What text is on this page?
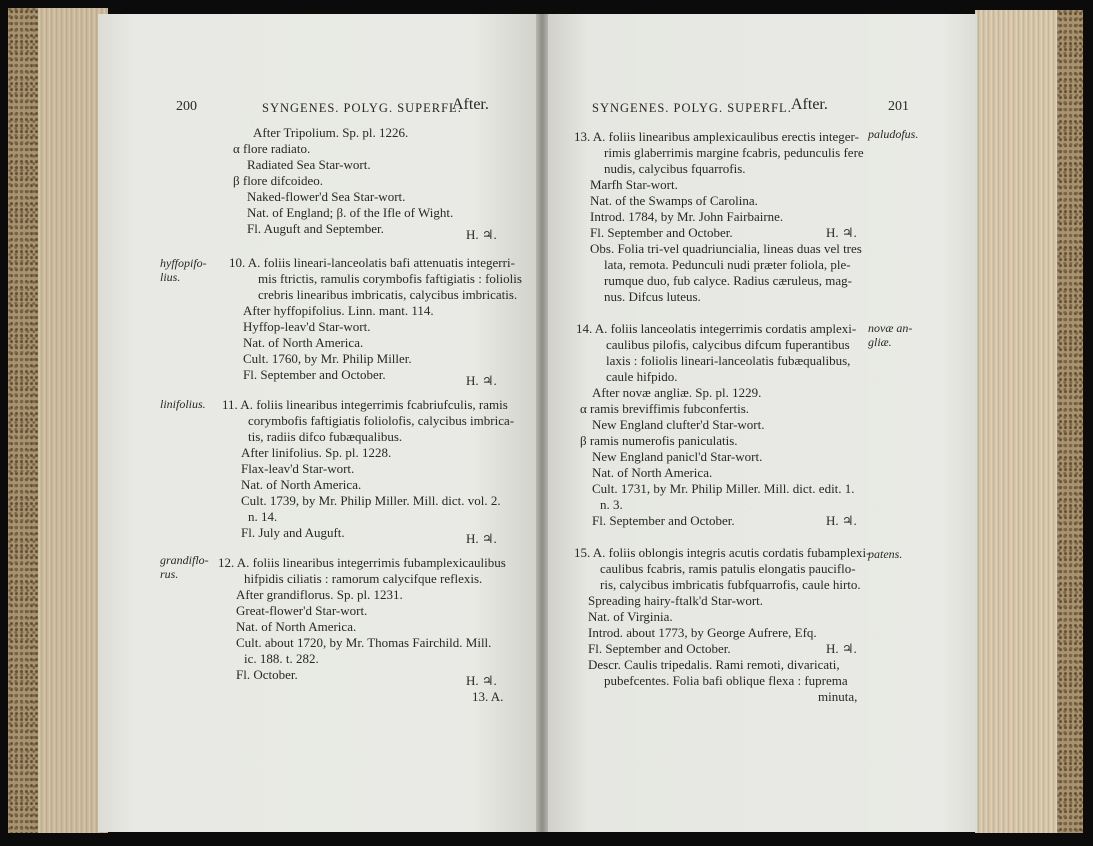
200	SYNGENES. POLYG. SUPERFL.
After.
After Tripolium. Sp. pl. 1226.
α flore radiato.
Radiated Sea Star-wort.
β flore difcoideo.
Naked-flower'd Sea Star-wort.
Nat. of England; β. of the Ifle of Wight.
Fl. Auguft and September.	H. ♃.
10. A. foliis lineari-lanceolatis bafi attenuatis integerri-
mis ftrictis, ramulis corymbofis faftigiatis : foliolis
crebris linearibus imbricatis, calycibus imbricatis.
After hyffopifolius. Linn. mant. 114.
Hyffop-leav'd Star-wort.
Nat. of North America.
Cult. 1760, by Mr. Philip Miller.
Fl. September and October.	H. ♃.
11. A. foliis linearibus integerrimis fcabriufculis, ramis
corymbofis faftigiatis foliolofis, calycibus imbrica-
tis, radiis difco fubæqualibus.
After linifolius. Sp. pl. 1228.
Flax-leav'd Star-wort.
Nat. of North America.
Cult. 1739, by Mr. Philip Miller. Mill. dict. vol. 2.
n. 14.
Fl. July and Auguft.	H. ♃.
12. A. foliis linearibus integerrimis fubamplexicaulibus
hifpidis ciliatis : ramorum calycifque reflexis.
After grandiflorus. Sp. pl. 1231.
Great-flower'd Star-wort.
Nat. of North America.
Cult. about 1720, by Mr. Thomas Fairchild. Mill.
ic. 188. t. 282.
Fl. October.	H. ♃.
13. A.
hyffopifo-
lius.
linifolius.
grandiflo-
rus.
SYNGENES. POLYG. SUPERFL. After.	201
13. A. foliis linearibus amplexicaulibus erectis integer-
rimis glaberrimis margine fcabris, pedunculis fere
nudis, calycibus fquarrofis.
Marfh Star-wort.
Nat. of the Swamps of Carolina.
Introd. 1784, by Mr. John Fairbairne.
Fl. September and October.	H. ♃.
Obs. Folia tri-vel quadriuncialia, lineas duas vel tres
lata, remota. Pedunculi nudi præter foliola, ple-
rumque duo, fub calyce. Radius cæruleus, mag-
nus. Difcus luteus.
14. A. foliis lanceolatis integerrimis cordatis amplexi-
caulibus pilofis, calycibus difcum fuperantibus
laxis : foliolis lineari-lanceolatis fubæqualibus,
caule hifpido.
After novæ angliæ. Sp. pl. 1229.
α ramis breviffimis fubconfertis.
New England clufter'd Star-wort.
β ramis numerofis paniculatis.
New England panicl'd Star-wort.
Nat. of North America.
Cult. 1731, by Mr. Philip Miller. Mill. dict. edit. 1.
n. 3.
Fl. September and October.	H. ♃.
15. A. foliis oblongis integris acutis cordatis fubamplexi-
caulibus fcabris, ramis patulis elongatis pauciflo-
ris, calycibus imbricatis fubfquarrofis, caule hirto.
Spreading hairy-ftalk'd Star-wort.
Nat. of Virginia.
Introd. about 1773, by George Aufrere, Efq.
Fl. September and October.	H. ♃.
Descr. Caulis tripedalis. Rami remoti, divaricati,
pubefcentes. Folia bafi oblique flexa : fuprema
minuta,
paludofus.
novæ an-
gliæ.
patens.
